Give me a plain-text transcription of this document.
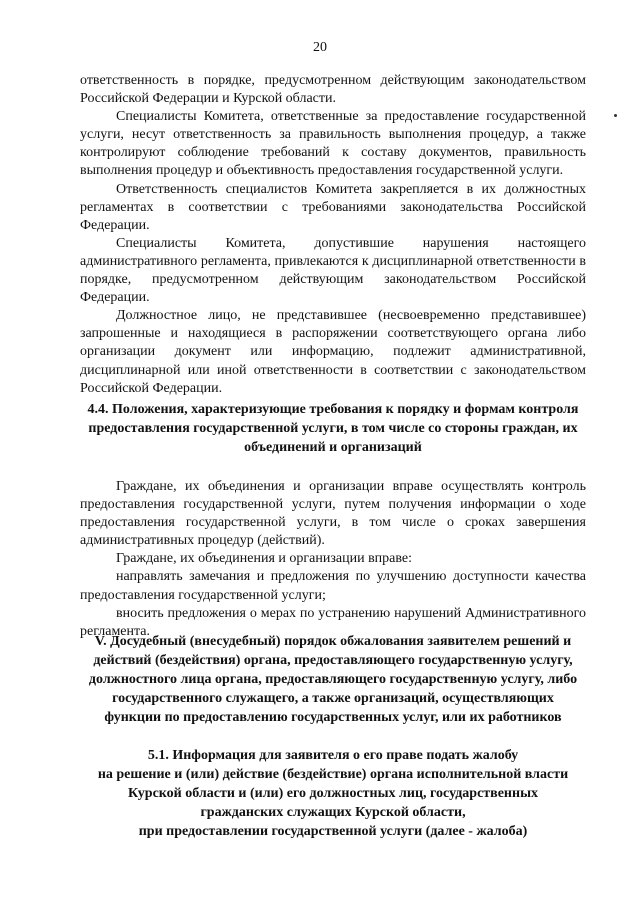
20

ответственность в порядке, предусмотренном действующим законодательством Российской Федерации и Курской области.

Специалисты Комитета, ответственные за предоставление государственной услуги, несут ответственность за правильность выполнения процедур, а также контролируют соблюдение требований к составу документов, правильность выполнения процедур и объективность предоставления государственной услуги.

Ответственность специалистов Комитета закрепляется в их должностных регламентах в соответствии с требованиями законодательства Российской Федерации.

Специалисты Комитета, допустившие нарушения настоящего административного регламента, привлекаются к дисциплинарной ответственности в порядке, предусмотренном действующим законодательством Российской Федерации.

Должностное лицо, не представившее (несвоевременно представившее) запрошенные и находящиеся в распоряжении соответствующего органа либо организации документ или информацию, подлежит административной, дисциплинарной или иной ответственности в соответствии с законодательством Российской Федерации.

4.4. Положения, характеризующие требования к порядку и формам контроля
предоставления государственной услуги, в том числе со стороны граждан, их
объединений и организаций

Граждане, их объединения и организации вправе осуществлять контроль предоставления государственной услуги, путем получения информации о ходе предоставления государственной услуги, в том числе о сроках завершения административных процедур (действий).

Граждане, их объединения и организации вправе:

направлять замечания и предложения по улучшению доступности качества предоставления государственной услуги;

вносить предложения о мерах по устранению нарушений Административного регламента.

V. Досудебный (внесудебный) порядок обжалования заявителем решений и
действий (бездействия) органа, предоставляющего государственную услугу,
должностного лица органа, предоставляющего государственную услугу, либо
государственного служащего, а также организаций, осуществляющих
функции по предоставлению государственных услуг, или их работников
5.1. Информация для заявителя о его праве подать жалобу
на решение и (или) действие (бездействие) органа исполнительной власти
Курской области и (или) его должностных лиц, государственных
гражданских служащих Курской области,
при предоставлении государственной услуги (далее - жалоба)
